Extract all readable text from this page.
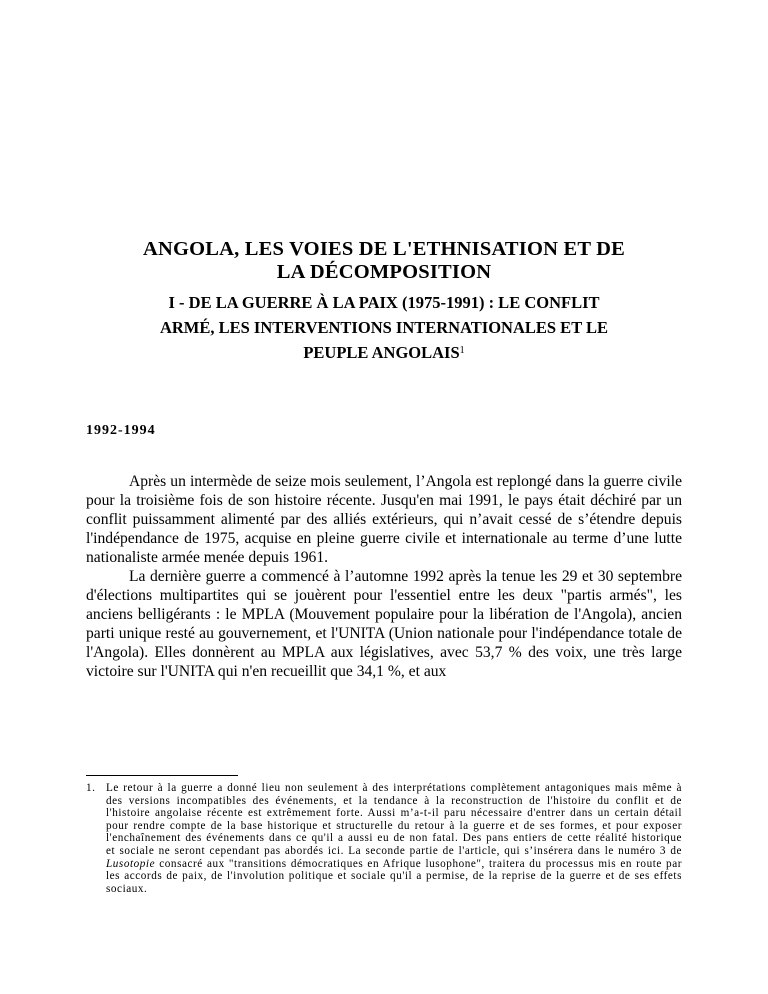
ANGOLA, LES VOIES DE L'ETHNISATION ET DE
LA DÉCOMPOSITION
I - DE LA GUERRE À LA PAIX (1975-1991) : LE CONFLIT
ARMÉ, LES INTERVENTIONS INTERNATIONALES ET LE
PEUPLE ANGOLAIS$^1$
1992-1994

Après un intermède de seize mois seulement, l’Angola est replongé dans la guerre civile pour la troisième fois de son histoire récente. Jusqu'en mai 1991, le pays était déchiré par un conflit puissamment alimenté par des alliés extérieurs, qui n’avait cessé de s’étendre depuis l'indépendance de 1975, acquise en pleine guerre civile et internationale au terme d’une lutte nationaliste armée menée depuis 1961.

La dernière guerre a commencé à l’automne 1992 après la tenue les 29 et 30 septembre d'élections multipartites qui se jouèrent pour l'essentiel entre les deux "partis armés", les anciens belligérants : le MPLA (Mouvement populaire pour la libération de l'Angola), ancien parti unique resté au gouvernement, et l'UNITA (Union nationale pour l'indépendance totale de l'Angola). Elles donnèrent au MPLA aux législatives, avec 53,7 % des voix, une très large victoire sur l'UNITA qui n'en recueillit que 34,1 %, et aux

1. Le retour à la guerre a donné lieu non seulement à des interprétations complètement antagoniques mais même à des versions incompatibles des événements, et la tendance à la reconstruction de l'histoire du conflit et de l'histoire angolaise récente est extrêmement forte. Aussi m’a-t-il paru nécessaire d'entrer dans un certain détail pour rendre compte de la base historique et structurelle du retour à la guerre et de ses formes, et pour exposer l'enchaînement des événements dans ce qu'il a aussi eu de non fatal. Des pans entiers de cette réalité historique et sociale ne seront cependant pas abordés ici. La seconde partie de l'article, qui s’insérera dans le numéro 3 de Lusotopie consacré aux "transitions démocratiques en Afrique lusophone", traitera du processus mis en route par les accords de paix, de l'involution politique et sociale qu'il a permise, de la reprise de la guerre et de ses effets sociaux.
